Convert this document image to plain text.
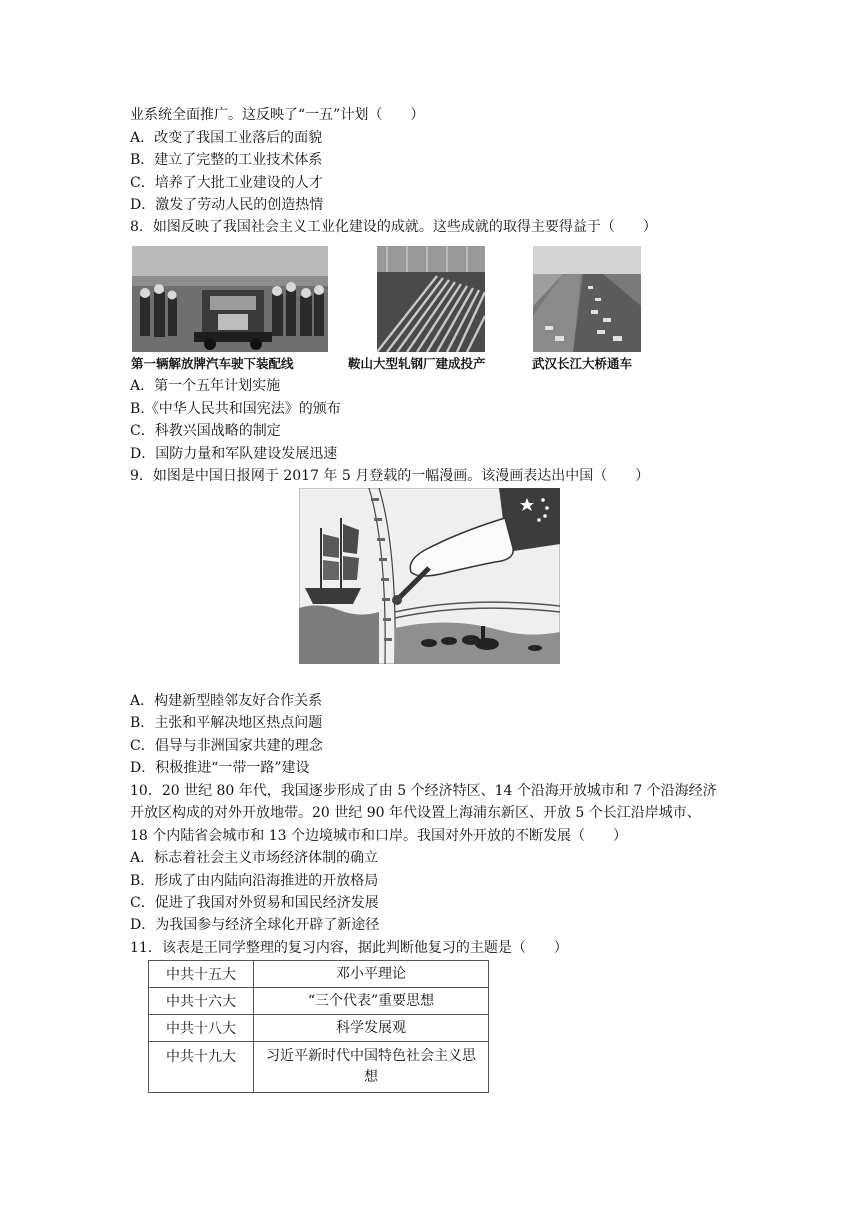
业系统全面推广。这反映了“一五”计划（　　）
A．改变了我国工业落后的面貌
B．建立了完整的工业技术体系
C．培养了大批工业建设的人才
D．激发了劳动人民的创造热情
8．如图反映了我国社会主义工业化建设的成就。这些成就的取得主要得益于（　　）
第一辆解放牌汽车驶下装配线	鞍山大型轧钢厂建成投产	武汉长江大桥通车
A．第一个五年计划实施
B.《中华人民共和国宪法》的颁布
C．科教兴国战略的制定
D．国防力量和军队建设发展迅速
9．如图是中国日报网于 2017 年 5 月登载的一幅漫画。该漫画表达出中国（　　）
A．构建新型睦邻友好合作关系
B．主张和平解决地区热点问题
C．倡导与非洲国家共建的理念
D．积极推进“一带一路”建设
10．20 世纪 80 年代，我国逐步形成了由 5 个经济特区、14 个沿海开放城市和 7 个沿海经济
开放区构成的对外开放地带。20 世纪 90 年代设置上海浦东新区、开放 5 个长江沿岸城市、
18 个内陆省会城市和 13 个边境城市和口岸。我国对外开放的不断发展（　　）
A．标志着社会主义市场经济体制的确立
B．形成了由内陆向沿海推进的开放格局
C．促进了我国对外贸易和国民经济发展
D．为我国参与经济全球化开辟了新途径
11．该表是王同学整理的复习内容，据此判断他复习的主题是（　　）
中共十五大	邓小平理论
中共十六大	“三个代表”重要思想
中共十八大	科学发展观
中共十九大	习近平新时代中国特色社会主义思想
